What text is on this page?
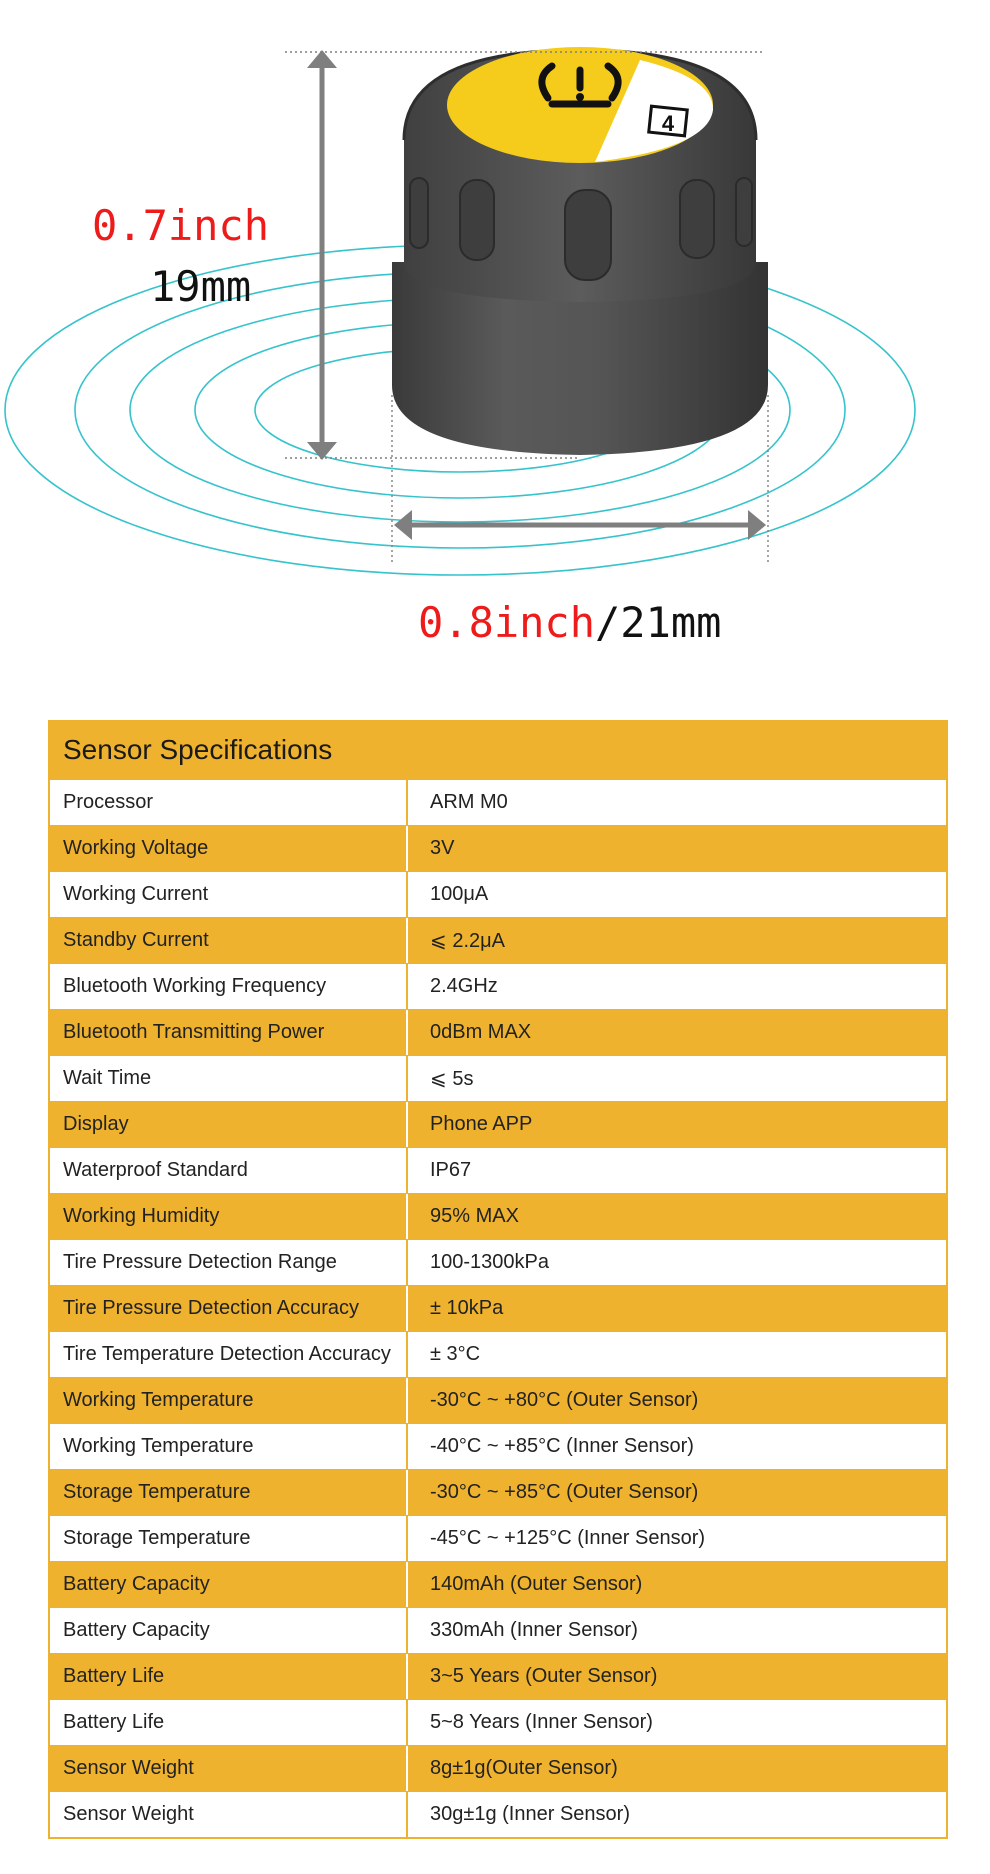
4
0.7inch
19mm
0.8inch/21mm
Sensor Specifications
Processor	ARM M0
Working Voltage	3V
Working Current	100μA
Standby Current	⩽ 2.2μA
Bluetooth Working Frequency	2.4GHz
Bluetooth Transmitting Power	0dBm MAX
Wait Time	⩽ 5s
Display	Phone APP
Waterproof Standard	IP67
Working Humidity	95% MAX
Tire Pressure Detection Range	100-1300kPa
Tire Pressure Detection Accuracy	± 10kPa
Tire Temperature Detection Accuracy	± 3°C
Working Temperature	-30°C ~ +80°C (Outer Sensor)
Working Temperature	-40°C ~ +85°C (Inner Sensor)
Storage Temperature	-30°C ~ +85°C (Outer Sensor)
Storage Temperature	-45°C ~ +125°C (Inner Sensor)
Battery Capacity	140mAh (Outer Sensor)
Battery Capacity	330mAh (Inner Sensor)
Battery Life	3~5 Years (Outer Sensor)
Battery Life	5~8 Years (Inner Sensor)
Sensor Weight	8g±1g(Outer Sensor)
Sensor Weight	30g±1g (Inner Sensor)
